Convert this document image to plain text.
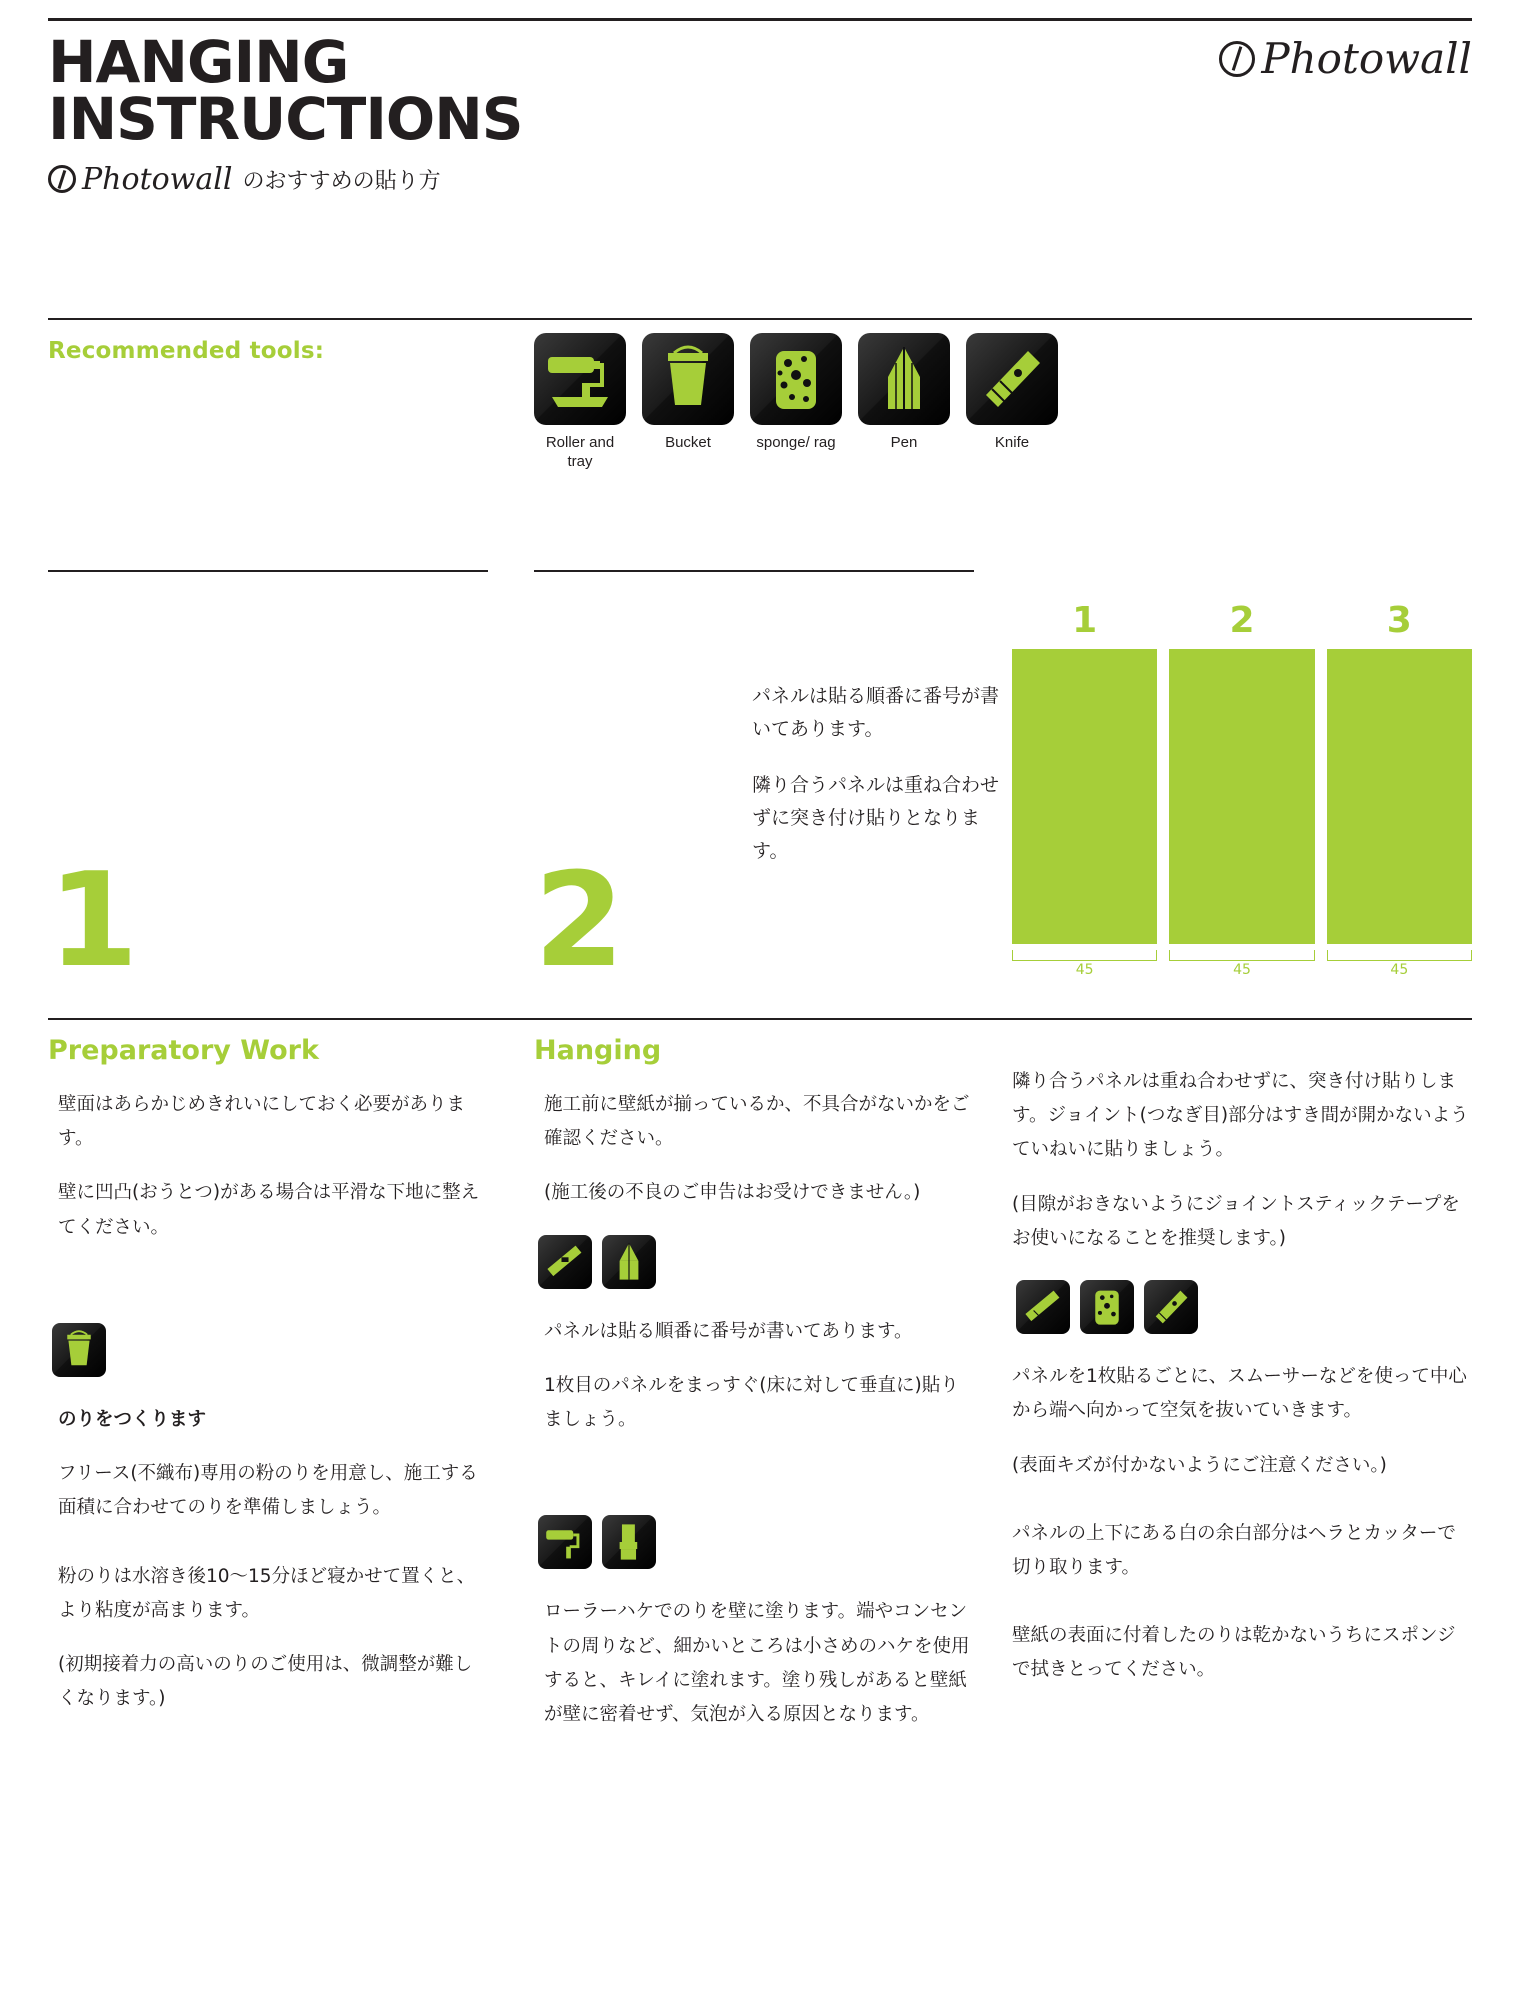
HANGING
INSTRUCTIONS
Photowall のおすすめの貼り方
Photowall
Recommended tools:
Roller and tray
Bucket	sponge/ rag	Pen	Knife
1	2

パネルは貼る順番に番号が書いてあります。

隣り合うパネルは重ね合わせずに突き付け貼りとなります。

1	2	3
45	45	45
Preparatory Work

壁面はあらかじめきれいにしておく必要があります。

壁に凹凸(おうとつ)がある場合は平滑な下地に整えてください。

のりをつくります

フリース(不織布)専用の粉のりを用意し、施工する面積に合わせてのりを準備しましょう。

粉のりは水溶き後10〜15分ほど寝かせて置くと、より粘度が高まります。

(初期接着力の高いのりのご使用は、微調整が難しくなります。)

Hanging

施工前に壁紙が揃っているか、不具合がないかをご確認ください。

(施工後の不良のご申告はお受けできません。)

パネルは貼る順番に番号が書いてあります。

1枚目のパネルをまっすぐ(床に対して垂直に)貼りましょう。

ローラーハケでのりを壁に塗ります。端やコンセントの周りなど、細かいところは小さめのハケを使用すると、キレイに塗れます。塗り残しがあると壁紙が壁に密着せず、気泡が入る原因となります。

隣り合うパネルは重ね合わせずに、突き付け貼りします。ジョイント(つなぎ目)部分はすき間が開かないようていねいに貼りましょう。

(目隙がおきないようにジョイントスティックテープをお使いになることを推奨します。)

パネルを1枚貼るごとに、スムーサーなどを使って中心から端へ向かって空気を抜いていきます。

(表面キズが付かないようにご注意ください。)

パネルの上下にある白の余白部分はヘラとカッターで切り取ります。

壁紙の表面に付着したのりは乾かないうちにスポンジで拭きとってください。
